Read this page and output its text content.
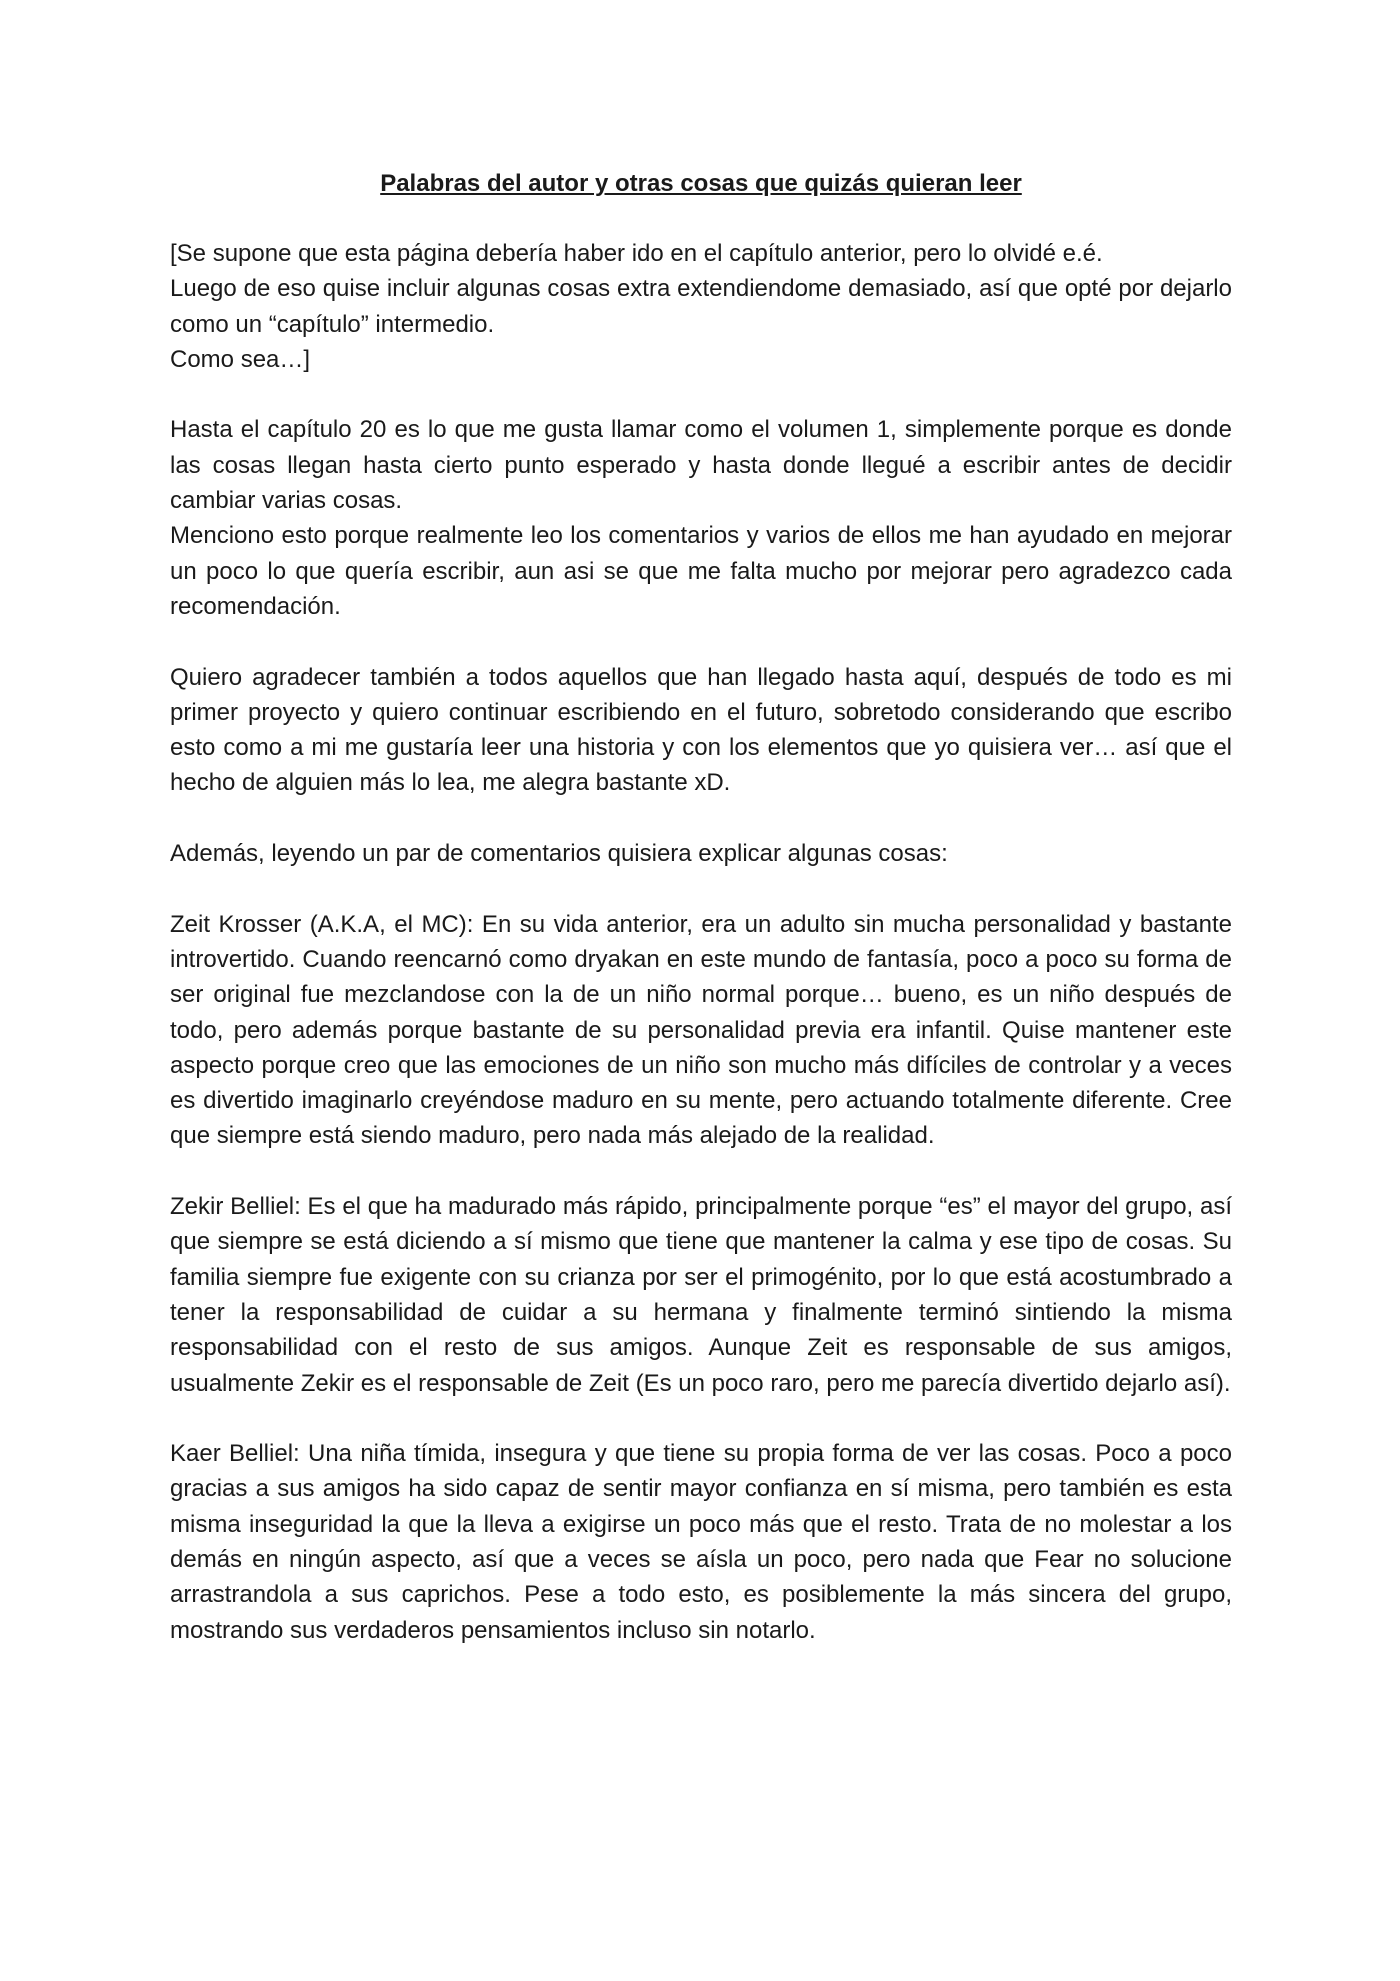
Palabras del autor y otras cosas que quizás quieran leer
[Se supone que esta página debería haber ido en el capítulo anterior, pero lo olvidé e.é.
Luego de eso quise incluir algunas cosas extra extendiendome demasiado, así que opté por dejarlo como un “capítulo” intermedio.
Como sea…]
Hasta el capítulo 20 es lo que me gusta llamar como el volumen 1, simplemente porque es donde las cosas llegan hasta cierto punto esperado y hasta donde llegué a escribir antes de decidir cambiar varias cosas.
Menciono esto porque realmente leo los comentarios y varios de ellos me han ayudado en mejorar un poco lo que quería escribir, aun asi se que me falta mucho por mejorar pero agradezco cada recomendación.

Quiero agradecer también a todos aquellos que han llegado hasta aquí, después de todo es mi primer proyecto y quiero continuar escribiendo en el futuro, sobretodo considerando que escribo esto como a mi me gustaría leer una historia y con los elementos que yo quisiera ver… así que el hecho de alguien más lo lea, me alegra bastante xD.

Además, leyendo un par de comentarios quisiera explicar algunas cosas:

Zeit Krosser (A.K.A, el MC): En su vida anterior, era un adulto sin mucha personalidad y bastante introvertido. Cuando reencarnó como dryakan en este mundo de fantasía, poco a poco su forma de ser original fue mezclandose con la de un niño normal porque… bueno, es un niño después de todo, pero además porque bastante de su personalidad previa era infantil. Quise mantener este aspecto porque creo que las emociones de un niño son mucho más difíciles de controlar y a veces es divertido imaginarlo creyéndose maduro en su mente, pero actuando totalmente diferente. Cree que siempre está siendo maduro, pero nada más alejado de la realidad.

Zekir Belliel: Es el que ha madurado más rápido, principalmente porque “es” el mayor del grupo, así que siempre se está diciendo a sí mismo que tiene que mantener la calma y ese tipo de cosas. Su familia siempre fue exigente con su crianza por ser el primogénito, por lo que está acostumbrado a tener la responsabilidad de cuidar a su hermana y finalmente terminó sintiendo la misma responsabilidad con el resto de sus amigos. Aunque Zeit es responsable de sus amigos, usualmente Zekir es el responsable de Zeit (Es un poco raro, pero me parecía divertido dejarlo así).

Kaer Belliel: Una niña tímida, insegura y que tiene su propia forma de ver las cosas. Poco a poco gracias a sus amigos ha sido capaz de sentir mayor confianza en sí misma, pero también es esta misma inseguridad la que la lleva a exigirse un poco más que el resto. Trata de no molestar a los demás en ningún aspecto, así que a veces se aísla un poco, pero nada que Fear no solucione arrastrandola a sus caprichos. Pese a todo esto, es posiblemente la más sincera del grupo, mostrando sus verdaderos pensamientos incluso sin notarlo.
